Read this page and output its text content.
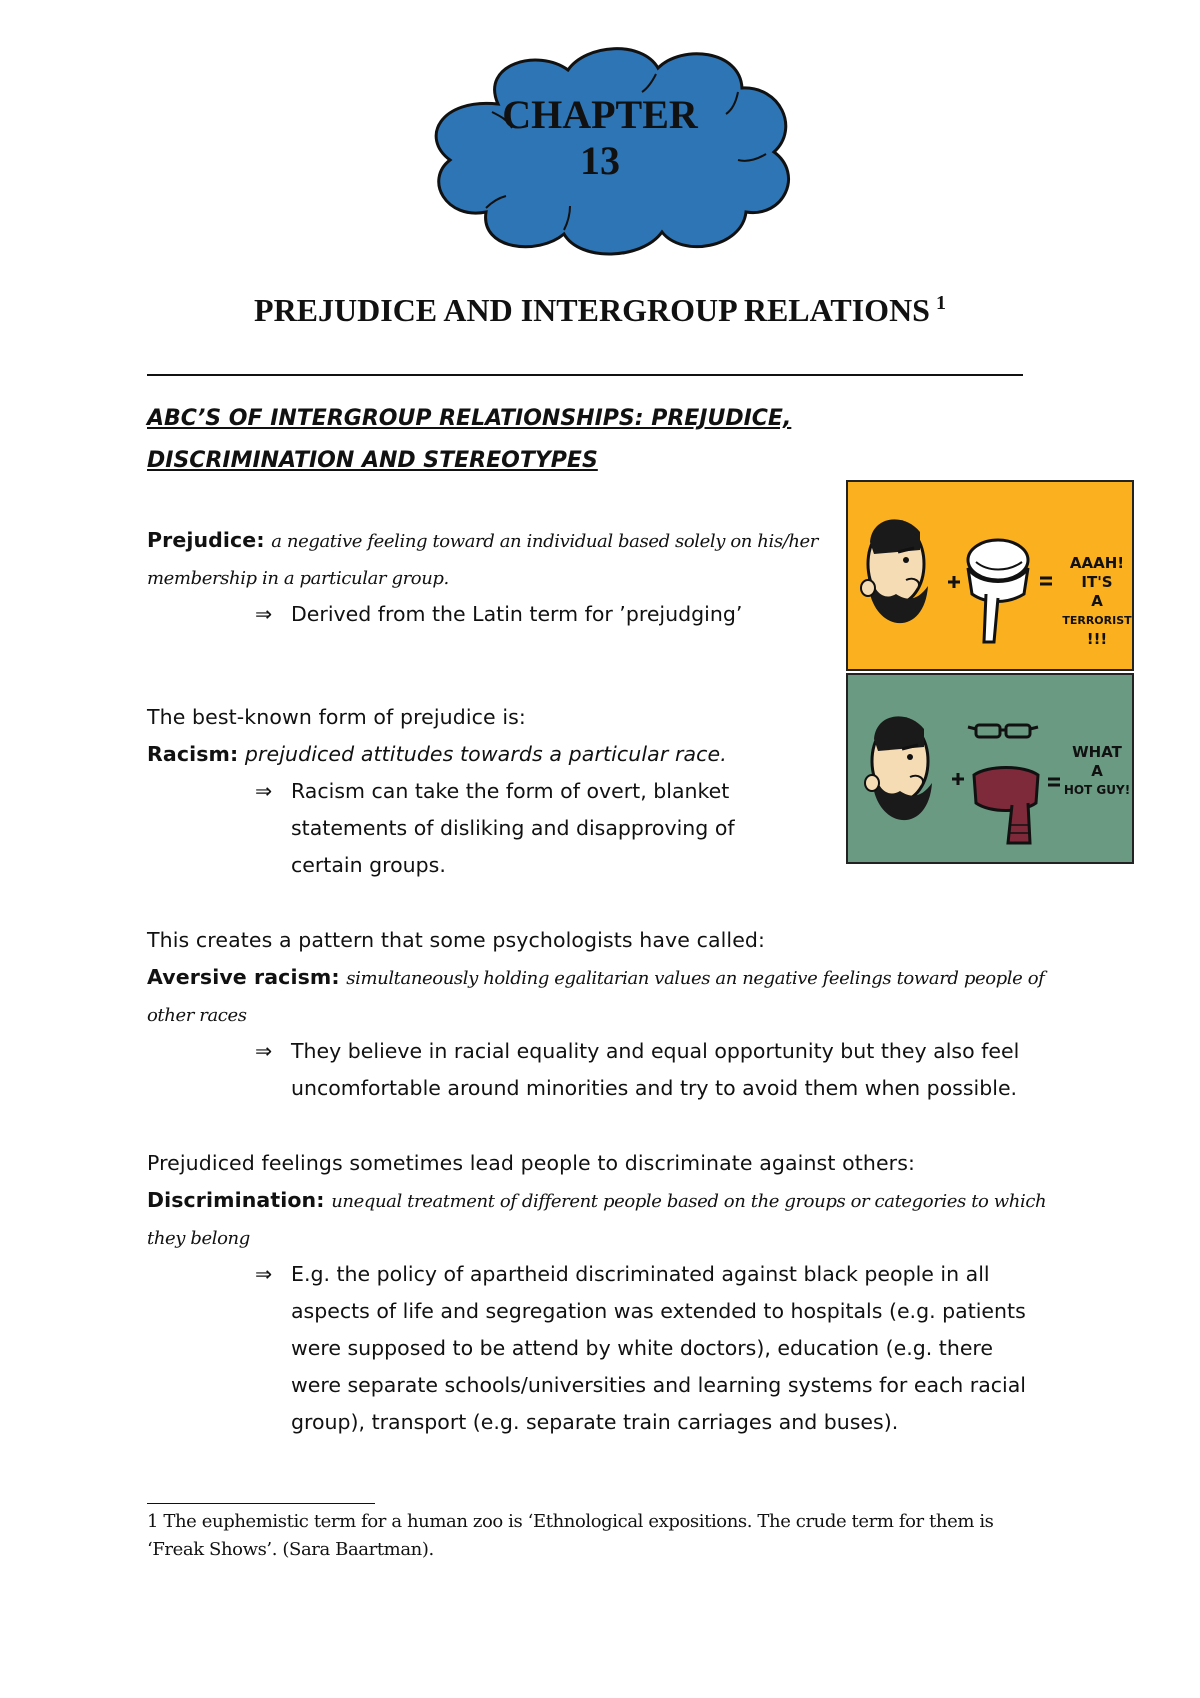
CHAPTER
13
PREJUDICE AND INTERGROUP RELATIONS $^1$
ABC’S OF INTERGROUP RELATIONSHIPS: PREJUDICE,
DISCRIMINATION AND STEREOTYPES
Prejudice: a negative feeling toward an individual based solely on his/her
membership in a particular group.
⇒ Derived from the Latin term for ’prejudging’
The best-known form of prejudice is:
Racism: prejudiced attitudes towards a particular race.
⇒ Racism can take the form of overt, blanket
statements of disliking and disapproving of
certain groups.
This creates a pattern that some psychologists have called:
Aversive racism: simultaneously holding egalitarian values an negative feelings toward people of
other races
⇒ They believe in racial equality and equal opportunity but they also feel
uncomfortable around minorities and try to avoid them when possible.
Prejudiced feelings sometimes lead people to discriminate against others:
Discrimination: unequal treatment of different people based on the groups or categories to which
they belong
⇒ E.g. the policy of apartheid discriminated against black people in all
aspects of life and segregation was extended to hospitals (e.g. patients
were supposed to be attend by white doctors), education (e.g. there
were separate schools/universities and learning systems for each racial
group), transport (e.g. separate train carriages and buses).
AAAH!
IT'S
A
TERRORIST
!!!
WHAT
A
HOT GUY!
1 The euphemistic term for a human zoo is ‘Ethnological expositions. The crude term for them is
‘Freak Shows’. (Sara Baartman).
